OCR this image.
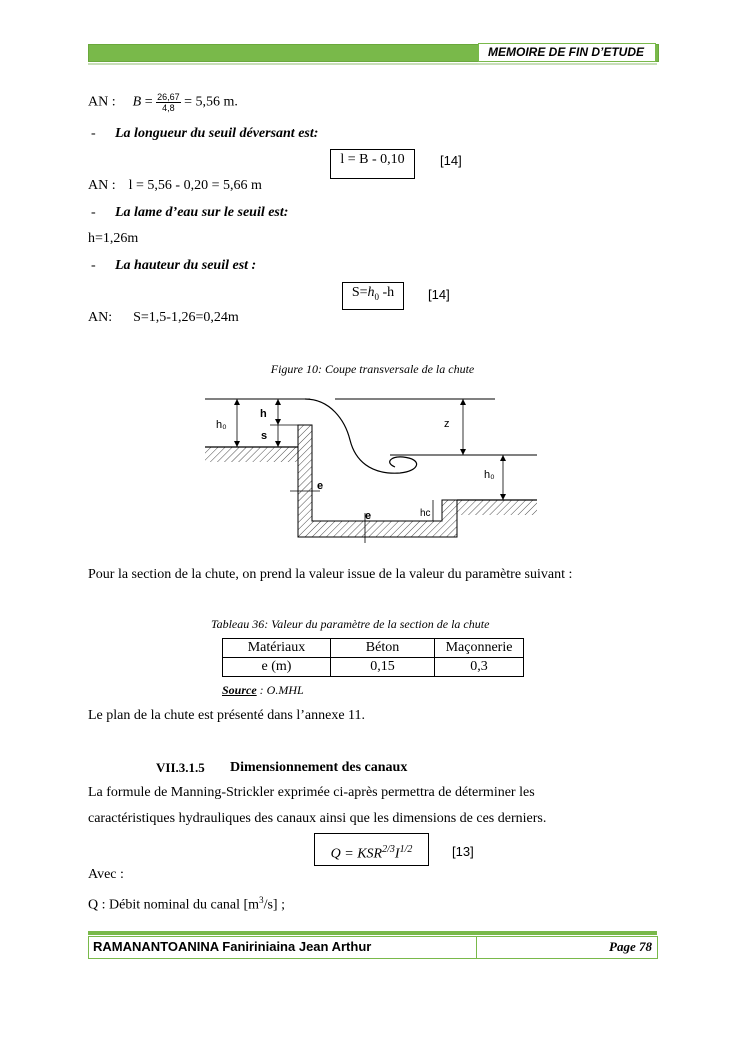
MEMOIRE DE FIN D’ETUDE
AN : $B = \frac{26,67}{4,8} = 5,56$ m.
- La longueur du seuil déversant est:
l = B - 0,10	[14]
AN : l = 5,56 - 0,20 = 5,66 m
- La lame d’eau sur le seuil est:
h=1,26m
- La hauteur du seuil est :
$S=h_0$ -h	[14]
AN: S=1,5-1,26=0,24m
Figure 10: Coupe transversale de la chute
h₀
h
s
z
h₀
e
e	hc
Pour la section de la chute, on prend la valeur issue de la valeur du paramètre suivant :
Tableau 36: Valeur du paramètre de la section de la chute
Matériaux	Béton	Maçonnerie
e (m)	0,15	0,3
Source : O.MHL
Le plan de la chute est présenté dans l’annexe 11.
VII.3.1.5 Dimensionnement des canaux
La formule de Manning-Strickler exprimée ci-après permettra de déterminer les
caractéristiques hydrauliques des canaux ainsi que les dimensions de ces derniers.
$Q = KSR^{2/3}I^{1/2}$	[13]
Avec :
Q : Débit nominal du canal $[m^3/s]$ ;
RAMANANTOANINA Faniriniaina Jean Arthur	Page 78
